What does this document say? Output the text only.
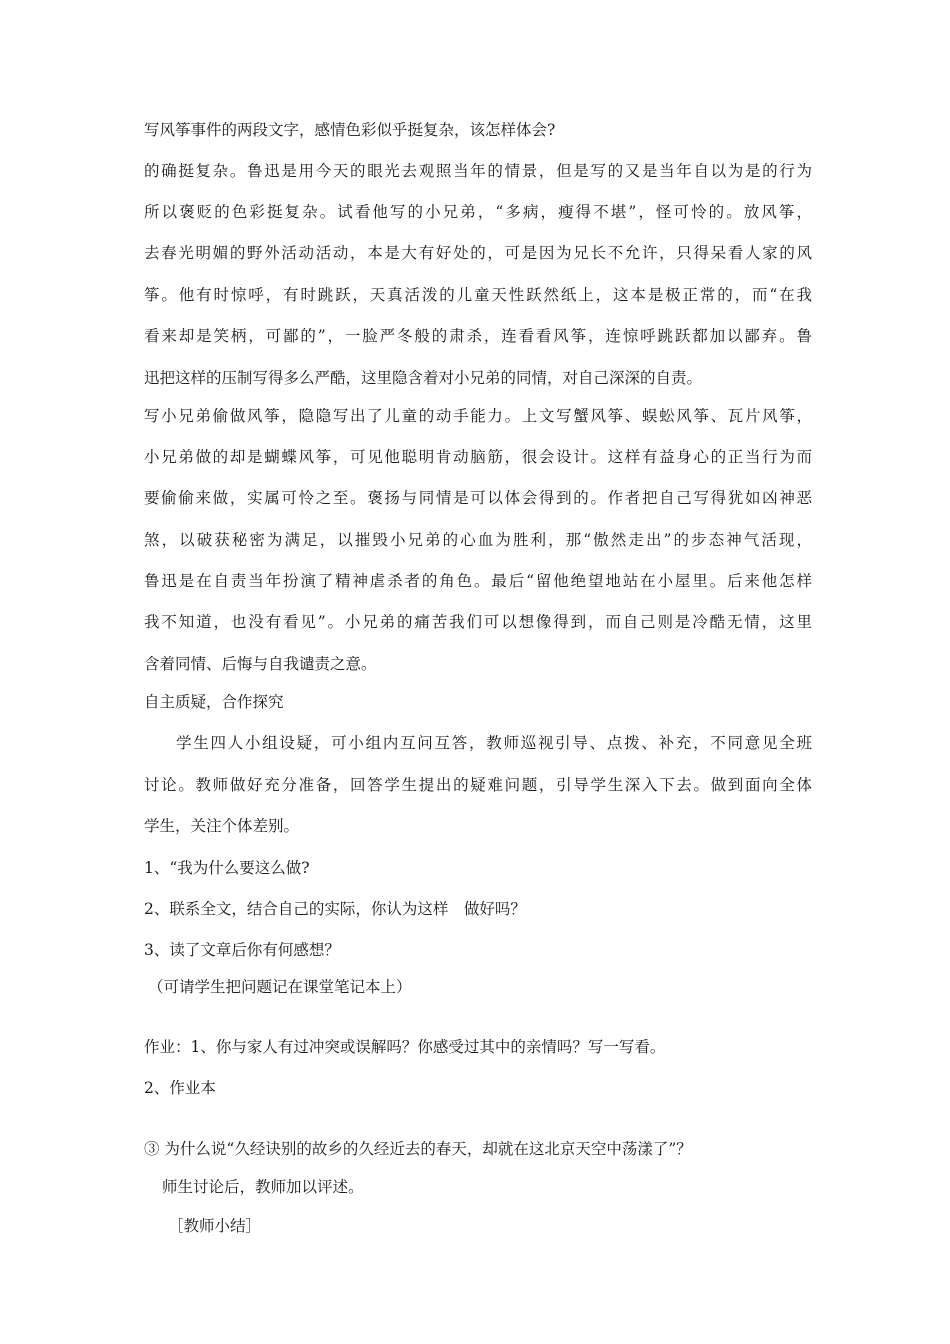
写风筝事件的两段文字，感情色彩似乎挺复杂，该怎样体会?
的确挺复杂。鲁迅是用今天的眼光去观照当年的情景，但是写的又是当年自以为是的行为
所以褒贬的色彩挺复杂。试看他写的小兄弟，“多病，瘦得不堪”，怪可怜的。放风筝，
去春光明媚的野外活动活动，本是大有好处的，可是因为兄长不允许，只得呆看人家的风
筝。他有时惊呼，有时跳跃，天真活泼的儿童天性跃然纸上，这本是极正常的，而“在我
看来却是笑柄，可鄙的”，一脸严冬般的肃杀，连看看风筝，连惊呼跳跃都加以鄙弃。鲁
迅把这样的压制写得多么严酷，这里隐含着对小兄弟的同情，对自己深深的自责。
写小兄弟偷做风筝，隐隐写出了儿童的动手能力。上文写蟹风筝、蜈蚣风筝、瓦片风筝，
小兄弟做的却是蝴蝶风筝，可见他聪明肯动脑筋，很会设计。这样有益身心的正当行为而
要偷偷来做，实属可怜之至。褒扬与同情是可以体会得到的。作者把自己写得犹如凶神恶
煞，以破获秘密为满足，以摧毁小兄弟的心血为胜利，那“傲然走出”的步态神气活现，
鲁迅是在自责当年扮演了精神虐杀者的角色。最后“留他绝望地站在小屋里。后来他怎样
我不知道，也没有看见”。小兄弟的痛苦我们可以想像得到，而自己则是冷酷无情，这里
含着同情、后悔与自我谴责之意。
自主质疑，合作探究
学生四人小组设疑，可小组内互问互答，教师巡视引导、点拨、补充，不同意见全班
讨论。教师做好充分准备，回答学生提出的疑难问题，引导学生深入下去。做到面向全体
学生，关注个体差别。
1、“我为什么要这么做?
2、联系全文，结合自己的实际，你认为这样　做好吗？
3、读了文章后你有何感想？
（可请学生把问题记在课堂笔记本上）
作业：1、你与家人有过冲突或误解吗？你感受过其中的亲情吗？写一写看。
2、作业本
③ 为什么说“久经诀别的故乡的久经近去的春天，却就在这北京天空中荡漾了”？
师生讨论后，教师加以评述。
［教师小结］
